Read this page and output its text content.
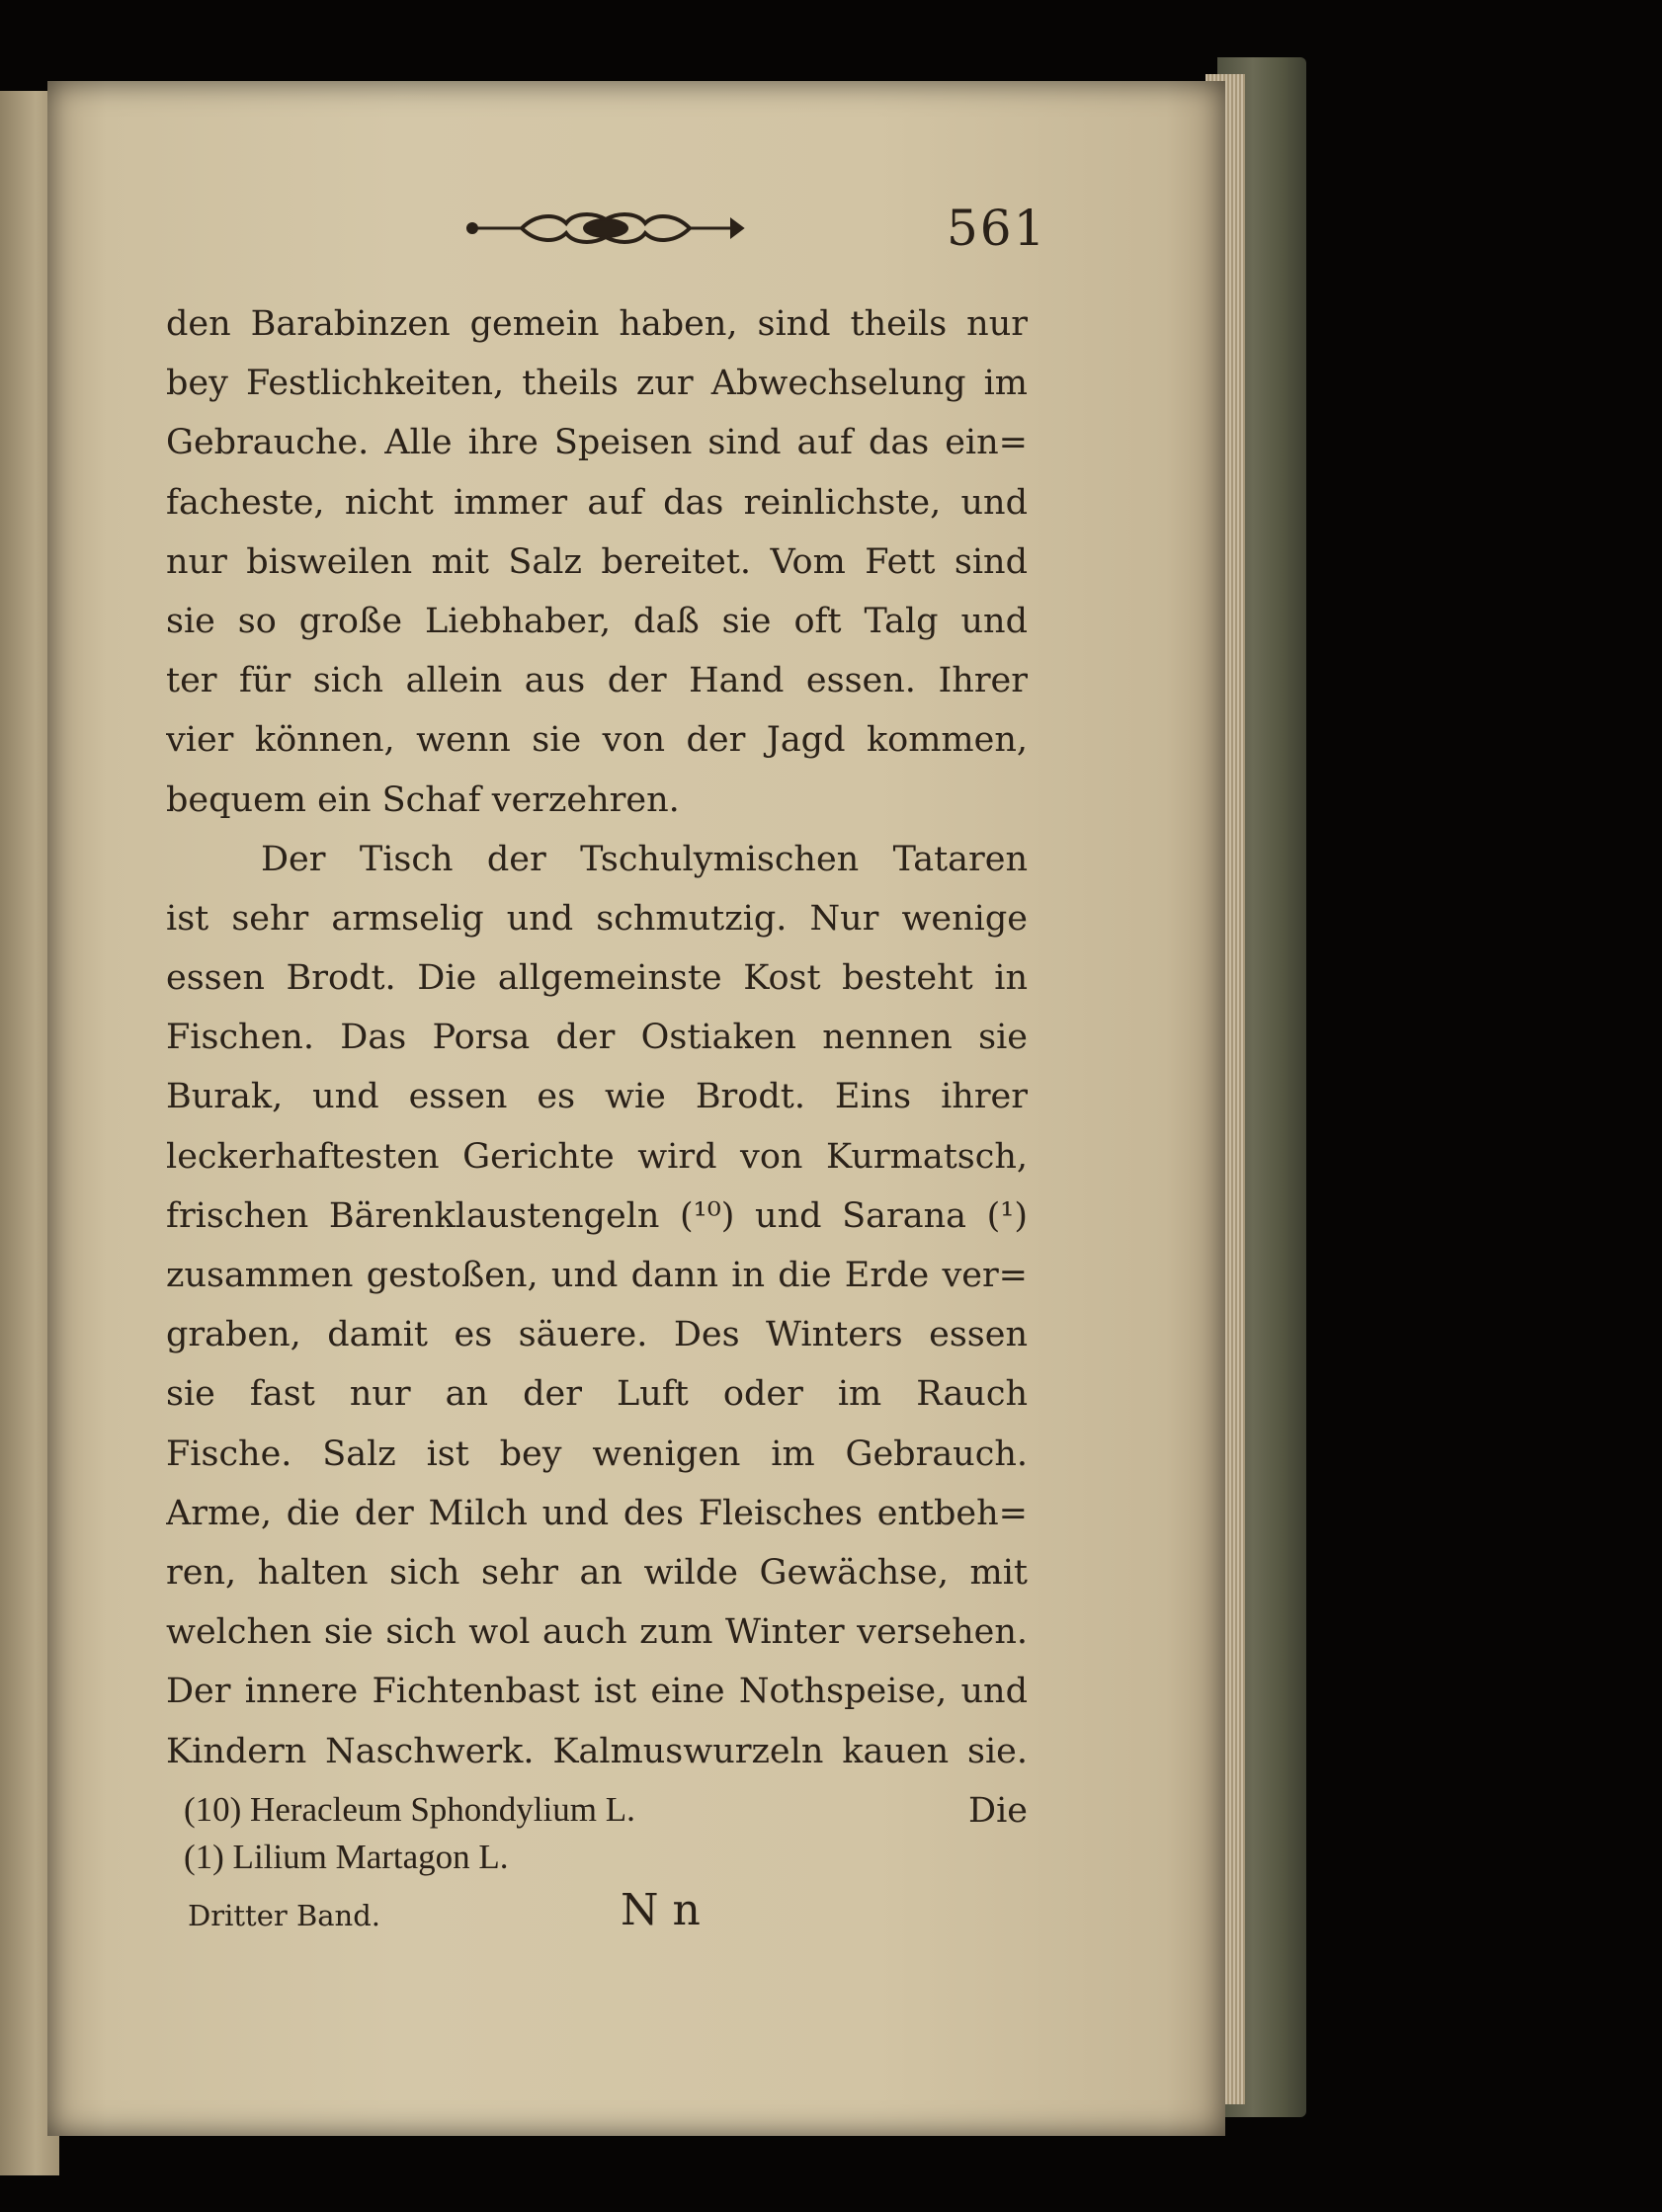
561
den Barabinzen gemein haben, sind theils nur
bey Festlichkeiten, theils zur Abwechselung im
Gebrauche. Alle ihre Speisen sind auf das ein=
facheste, nicht immer auf das reinlichste, und
nur bisweilen mit Salz bereitet. Vom Fett sind
sie so große Liebhaber, daß sie oft Talg und
ter für sich allein aus der Hand essen. Ihrer
vier können, wenn sie von der Jagd kommen,
bequem ein Schaf verzehren.
Der Tisch der Tschulymischen Tataren
ist sehr armselig und schmutzig. Nur wenige
essen Brodt. Die allgemeinste Kost besteht in
Fischen. Das Porsa der Ostiaken nennen sie
Burak, und essen es wie Brodt. Eins ihrer
leckerhaftesten Gerichte wird von Kurmatsch,
frischen Bärenklaustengeln (¹⁰) und Sarana (¹)
zusammen gestoßen, und dann in die Erde ver=
graben, damit es säuere. Des Winters essen
sie fast nur an der Luft oder im Rauch
Fische. Salz ist bey wenigen im Gebrauch.
Arme, die der Milch und des Fleisches entbeh=
ren, halten sich sehr an wilde Gewächse, mit
welchen sie sich wol auch zum Winter versehen.
Der innere Fichtenbast ist eine Nothspeise, und
Kindern Naschwerk. Kalmuswurzeln kauen sie.
Die
(10) Heracleum Sphondylium L.
(1) Lilium Martagon L.
Dritter Band.	N n
